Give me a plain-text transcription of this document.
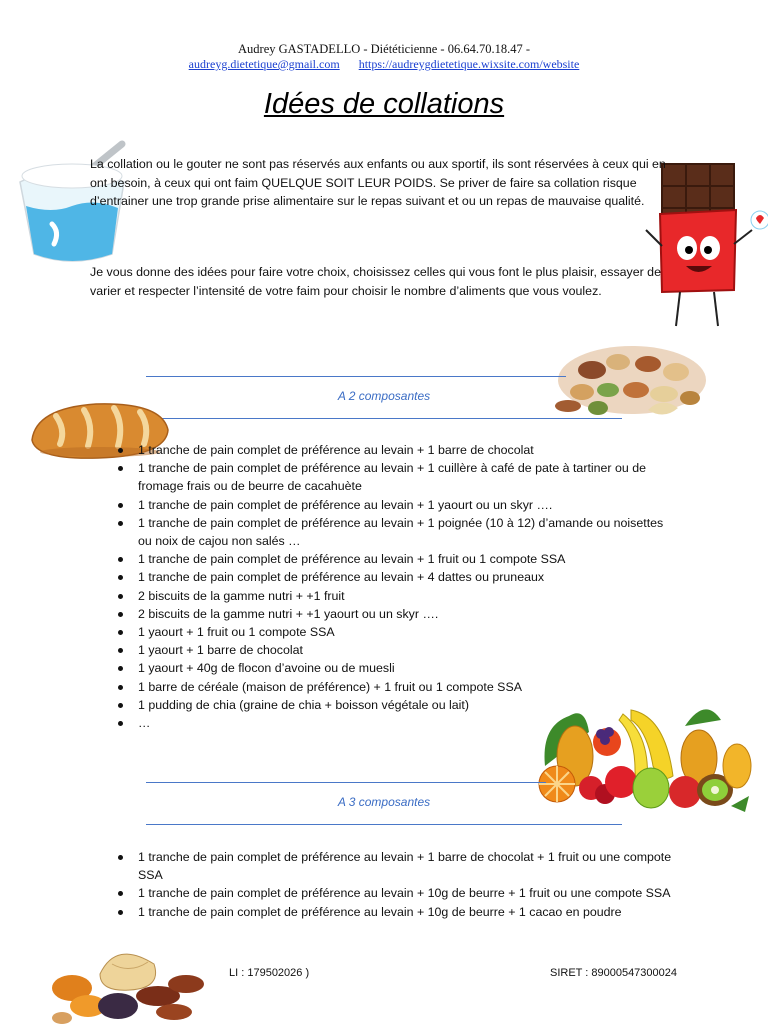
Audrey GASTADELLO - Diététicienne - 06.64.70.18.47 -
audreyg.dietetique@gmail.com https://audreygdietetique.wixsite.com/website
Idées de collations
La collation ou le gouter ne sont pas réservés aux enfants ou aux sportif, ils sont réservées à ceux qui en ont besoin, à ceux qui ont faim QUELQUE SOIT LEUR POIDS. Se priver de faire sa collation risque d’entrainer une trop grande prise alimentaire sur le repas suivant et ou un repas de mauvaise qualité.
Je vous donne des idées pour faire votre choix, choisissez celles qui vous font le plus plaisir, essayer de varier et respecter l’intensité de votre faim pour choisir le nombre d’aliments que vous voulez.
A 2 composantes
1 tranche de pain complet de préférence au levain + 1 barre de chocolat
1 tranche de pain complet de préférence au levain + 1 cuillère à café de pate à tartiner ou de fromage frais ou de beurre de cacahuète
1 tranche de pain complet de préférence au levain + 1 yaourt ou un skyr ….
1 tranche de pain complet de préférence au levain + 1 poignée (10 à 12) d’amande ou noisettes ou noix de cajou non salés …
1 tranche de pain complet de préférence au levain + 1 fruit ou 1 compote SSA
1 tranche de pain complet de préférence au levain + 4 dattes ou pruneaux
2 biscuits de la gamme nutri + +1 fruit
2 biscuits de la gamme nutri + +1 yaourt ou un skyr ….
1 yaourt + 1 fruit ou 1 compote SSA
1 yaourt + 1 barre de chocolat
1 yaourt + 40g de flocon d’avoine ou de muesli
1 barre de céréale (maison de préférence) + 1 fruit ou 1 compote SSA
1 pudding de chia (graine de chia + boisson végétale ou lait)
…
A 3 composantes
1 tranche de pain complet de préférence au levain + 1 barre de chocolat + 1 fruit ou une compote SSA
1 tranche de pain complet de préférence au levain + 10g de beurre + 1 fruit ou une compote SSA
1 tranche de pain complet de préférence au levain + 10g de beurre + 1 cacao en poudre
LI : 179502026 )	SIRET : 89000547300024
